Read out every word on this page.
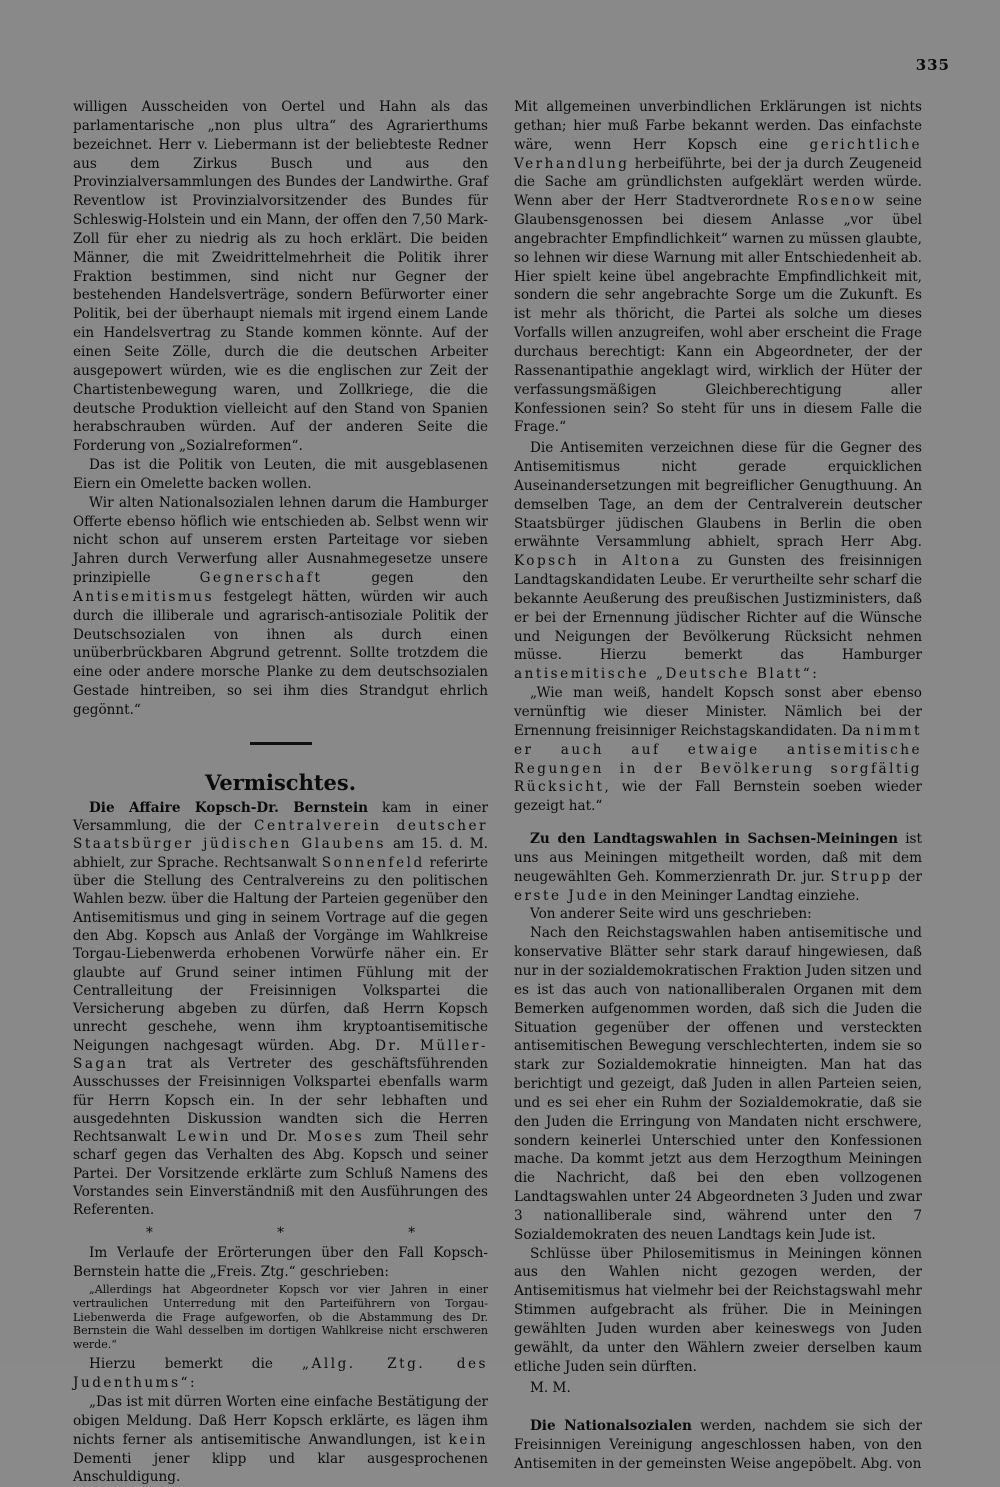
335

willigen Ausscheiden von Oertel und Hahn als das parlamentarische „non plus ultra“ des Agrarierthums bezeichnet. Herr v. Liebermann ist der beliebteste Redner aus dem Zirkus Busch und aus den Provinzialversammlungen des Bundes der Landwirthe. Graf Reventlow ist Provinzialvorsitzender des Bundes für Schleswig-Holstein und ein Mann, der offen den 7,50 Mark-Zoll für eher zu niedrig als zu hoch erklärt. Die beiden Männer, die mit Zweidrittelmehrheit die Politik ihrer Fraktion bestimmen, sind nicht nur Gegner der bestehenden Handelsverträge, sondern Befürworter einer Politik, bei der überhaupt niemals mit irgend einem Lande ein Handelsvertrag zu Stande kommen könnte. Auf der einen Seite Zölle, durch die die deutschen Arbeiter ausgepowert würden, wie es die englischen zur Zeit der Chartistenbewegung waren, und Zollkriege, die die deutsche Produktion vielleicht auf den Stand von Spanien herabschrauben würden. Auf der anderen Seite die Forderung von „Sozialreformen“.

Das ist die Politik von Leuten, die mit ausgeblasenen Eiern ein Omelette backen wollen.

Wir alten Nationalsozialen lehnen darum die Hamburger Offerte ebenso höflich wie entschieden ab. Selbst wenn wir nicht schon auf unserem ersten Parteitage vor sieben Jahren durch Verwerfung aller Ausnahmegesetze unsere prinzipielle Gegnerschaft gegen den Antisemitismus festgelegt hätten, würden wir auch durch die illiberale und agrarisch-antisoziale Politik der Deutschsozialen von ihnen als durch einen unüberbrückbaren Abgrund getrennt. Sollte trotzdem die eine oder andere morsche Planke zu dem deutschsozialen Gestade hintreiben, so sei ihm dies Strandgut ehrlich gegönnt.“

Vermischtes.

Die Affaire Kopsch-Dr. Bernstein kam in einer Versammlung, die der Centralverein deutscher Staatsbürger jüdischen Glaubens am 15. d. M. abhielt, zur Sprache. Rechtsanwalt Sonnenfeld referirte über die Stellung des Centralvereins zu den politischen Wahlen bezw. über die Haltung der Parteien gegenüber den Antisemitismus und ging in seinem Vortrage auf die gegen den Abg. Kopsch aus Anlaß der Vorgänge im Wahlkreise Torgau-Liebenwerda erhobenen Vorwürfe näher ein. Er glaubte auf Grund seiner intimen Fühlung mit der Centralleitung der Freisinnigen Volkspartei die Versicherung abgeben zu dürfen, daß Herrn Kopsch unrecht geschehe, wenn ihm kryptoantisemitische Neigungen nachgesagt würden. Abg. Dr. Müller-Sagan trat als Vertreter des geschäftsführenden Ausschusses der Freisinnigen Volkspartei ebenfalls warm für Herrn Kopsch ein. In der sehr lebhaften und ausgedehnten Diskussion wandten sich die Herren Rechtsanwalt Lewin und Dr. Moses zum Theil sehr scharf gegen das Verhalten des Abg. Kopsch und seiner Partei. Der Vorsitzende erklärte zum Schluß Namens des Vorstandes sein Einverständniß mit den Ausführungen des Referenten.

* * *

Im Verlaufe der Erörterungen über den Fall Kopsch-Bernstein hatte die „Freis. Ztg.“ geschrieben:

„Allerdings hat Abgeordneter Kopsch vor vier Jahren in einer vertraulichen Unterredung mit den Parteiführern von Torgau-Liebenwerda die Frage aufgeworfen, ob die Abstammung des Dr. Bernstein die Wahl desselben im dortigen Wahlkreise nicht erschweren werde.“

Hierzu bemerkt die „Allg. Ztg. des Judenthums“:

„Das ist mit dürren Worten eine einfache Bestätigung der obigen Meldung. Daß Herr Kopsch erklärte, es lägen ihm nichts ferner als antisemitische Anwandlungen, ist kein Dementi jener klipp und klar ausgesprochenen Anschuldigung.

Mit allgemeinen unverbindlichen Erklärungen ist nichts gethan; hier muß Farbe bekannt werden. Das einfachste wäre, wenn Herr Kopsch eine gerichtliche Verhandlung herbeiführte, bei der ja durch Zeugeneid die Sache am gründlichsten aufgeklärt werden würde. Wenn aber der Herr Stadtverordnete Rosenow seine Glaubensgenossen bei diesem Anlasse „vor übel angebrachter Empfindlichkeit“ warnen zu müssen glaubte, so lehnen wir diese Warnung mit aller Entschiedenheit ab. Hier spielt keine übel angebrachte Empfindlichkeit mit, sondern die sehr angebrachte Sorge um die Zukunft. Es ist mehr als thöricht, die Partei als solche um dieses Vorfalls willen anzugreifen, wohl aber erscheint die Frage durchaus berechtigt: Kann ein Abgeordneter, der der Rassenantipathie angeklagt wird, wirklich der Hüter der verfassungsmäßigen Gleichberechtigung aller Konfessionen sein? So steht für uns in diesem Falle die Frage.“

Die Antisemiten verzeichnen diese für die Gegner des Antisemitismus nicht gerade erquicklichen Auseinandersetzungen mit begreiflicher Genugthuung. An demselben Tage, an dem der Centralverein deutscher Staatsbürger jüdischen Glaubens in Berlin die oben erwähnte Versammlung abhielt, sprach Herr Abg. Kopsch in Altona zu Gunsten des freisinnigen Landtagskandidaten Leube. Er verurtheilte sehr scharf die bekannte Aeußerung des preußischen Justizministers, daß er bei der Ernennung jüdischer Richter auf die Wünsche und Neigungen der Bevölkerung Rücksicht nehmen müsse. Hierzu bemerkt das Hamburger antisemitische „Deutsche Blatt“:

„Wie man weiß, handelt Kopsch sonst aber ebenso vernünftig wie dieser Minister. Nämlich bei der Ernennung freisinniger Reichstagskandidaten. Da nimmt er auch auf etwaige antisemitische Regungen in der Bevölkerung sorgfältig Rücksicht, wie der Fall Bernstein soeben wieder gezeigt hat.“

Zu den Landtagswahlen in Sachsen-Meiningen ist uns aus Meiningen mitgetheilt worden, daß mit dem neugewählten Geh. Kommerzienrath Dr. jur. Strupp der erste Jude in den Meininger Landtag einziehe.

Von anderer Seite wird uns geschrieben:

Nach den Reichstagswahlen haben antisemitische und konservative Blätter sehr stark darauf hingewiesen, daß nur in der sozialdemokratischen Fraktion Juden sitzen und es ist das auch von nationalliberalen Organen mit dem Bemerken aufgenommen worden, daß sich die Juden die Situation gegenüber der offenen und versteckten antisemitischen Bewegung verschlechterten, indem sie so stark zur Sozialdemokratie hinneigten. Man hat das berichtigt und gezeigt, daß Juden in allen Parteien seien, und es sei eher ein Ruhm der Sozialdemokratie, daß sie den Juden die Erringung von Mandaten nicht erschwere, sondern keinerlei Unterschied unter den Konfessionen mache. Da kommt jetzt aus dem Herzogthum Meiningen die Nachricht, daß bei den eben vollzogenen Landtagswahlen unter 24 Abgeordneten 3 Juden und zwar 3 nationalliberale sind, während unter den 7 Sozialdemokraten des neuen Landtags kein Jude ist.

Schlüsse über Philosemitismus in Meiningen können aus den Wahlen nicht gezogen werden, der Antisemitismus hat vielmehr bei der Reichstagswahl mehr Stimmen aufgebracht als früher. Die in Meiningen gewählten Juden wurden aber keineswegs von Juden gewählt, da unter den Wählern zweier derselben kaum etliche Juden sein dürften.

M. M.

Die Nationalsozialen werden, nachdem sie sich der Freisinnigen Vereinigung angeschlossen haben, von den Antisemiten in der gemeinsten Weise angepöbelt. Abg. von
